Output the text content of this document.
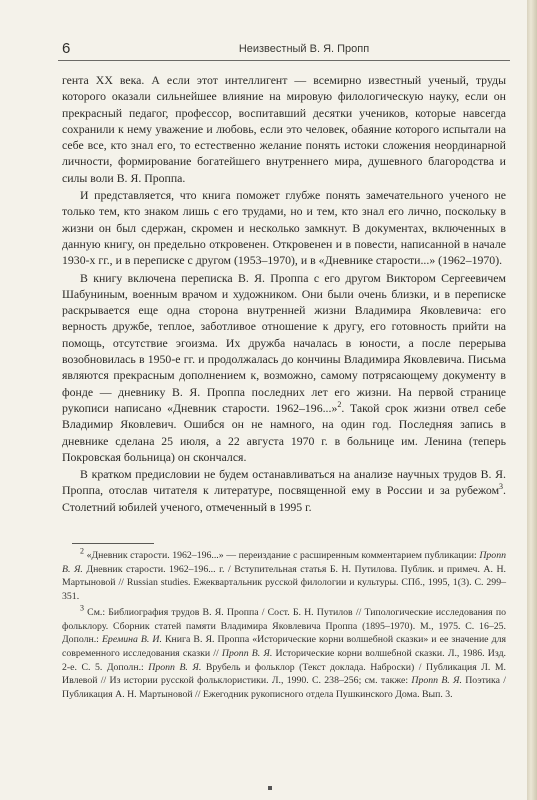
6	Неизвестный В. Я. Пропп

гента XX века. А если этот интеллигент — всемирно известный ученый, труды которого оказали сильнейшее влияние на мировую филологическую науку, если он прекрасный педагог, профессор, воспитавший десятки учеников, которые навсегда сохранили к нему уважение и любовь, если это человек, обаяние которого испытали на себе все, кто знал его, то естественно желание понять истоки сложения неординарной личности, формирование богатейшего внутреннего мира, душевного благородства и силы воли В. Я. Проппа.

И представляется, что книга поможет глубже понять замечательного ученого не только тем, кто знаком лишь с его трудами, но и тем, кто знал его лично, поскольку в жизни он был сдержан, скромен и несколько замкнут. В документах, включенных в данную книгу, он предельно откровенен. Откровенен и в повести, написанной в начале 1930-х гг., и в переписке с другом (1953–1970), и в «Дневнике старости...» (1962–1970).

В книгу включена переписка В. Я. Проппа с его другом Виктором Сергеевичем Шабуниным, военным врачом и художником. Они были очень близки, и в переписке раскрывается еще одна сторона внутренней жизни Владимира Яковлевича: его верность дружбе, теплое, заботливое отношение к другу, его готовность прийти на помощь, отсутствие эгоизма. Их дружба началась в юности, а после перерыва возобновилась в 1950-е гг. и продолжалась до кончины Владимира Яковлевича. Письма являются прекрасным дополнением к, возможно, самому потрясающему документу в фонде — дневнику В. Я. Проппа последних лет его жизни. На первой странице рукописи написано «Дневник старости. 1962–196...»$^2$. Такой срок жизни отвел себе Владимир Яковлевич. Ошибся он не намного, на один год. Последняя запись в дневнике сделана 25 июля, а 22 августа 1970 г. в больнице им. Ленина (теперь Покровская больница) он скончался.

В кратком предисловии не будем останавливаться на анализе научных трудов В. Я. Проппа, отослав читателя к литературе, посвященной ему в России и за рубежом$^3$. Столетний юбилей ученого, отмеченный в 1995 г.

$^2$ «Дневник старости. 1962–196...» — переиздание с расширенным комментарием публикации: Пропп В. Я. Дневник старости. 1962–196... г. / Вступительная статья Б. Н. Путилова. Публик. и примеч. А. Н. Мартыновой // Russian studies. Ежеквартальник русской филологии и культуры. СПб., 1995, 1(3). С. 299–351.

$^3$ См.: Библиография трудов В. Я. Проппа / Сост. Б. Н. Путилов // Типологические исследования по фольклору. Сборник статей памяти Владимира Яковлевича Проппа (1895–1970). М., 1975. С. 16–25. Дополн.: Еремина В. И. Книга В. Я. Проппа «Исторические корни волшебной сказки» и ее значение для современного исследования сказки // Пропп В. Я. Исторические корни волшебной сказки. Л., 1986. Изд. 2-е. С. 5. Дополн.: Пропп В. Я. Врубель и фольклор (Текст доклада. Наброски) / Публикация Л. М. Ивлевой // Из истории русской фольклористики. Л., 1990. С. 238–256; см. также: Пропп В. Я. Поэтика / Публикация А. Н. Мартыновой // Ежегодник рукописного отдела Пушкинского Дома. Вып. 3.
